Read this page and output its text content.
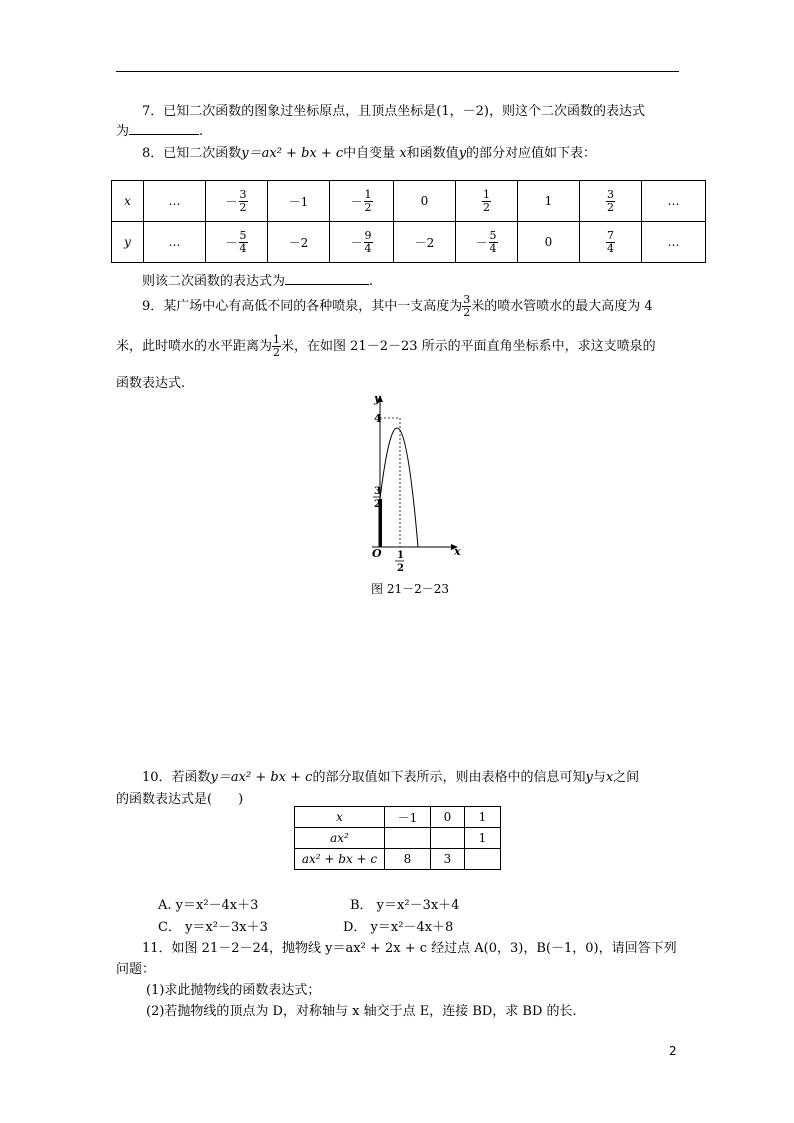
7．已知二次函数的图象过坐标原点，且顶点坐标是(1，－2)，则这个二次函数的表达式
为	.
8．已知二次函数y＝ax² + bx + c中自变量 x和函数值y的部分对应值如下表：
x	…	－ $\frac{3}{2}$	－1	－ $\frac{1}{2}$	0	$\frac{1}{2}$	1	$\frac{3}{2}$	…
y	…	－ $\frac{5}{4}$	－2	－ $\frac{9}{4}$	－2	－ $\frac{5}{4}$	0	$\frac{7}{4}$	…
则该二次函数的表达式为	.
9．某广场中心有高低不同的各种喷泉，其中一支高度为 $\frac{3}{2}$ 米的喷水管喷水的最大高度为 4
米，此时喷水的水平距离为 $\frac{1}{2}$ 米，在如图 21－2－23 所示的平面直角坐标系中，求这支喷泉的
函数表达式.
y
x
O
4
3
2
1
2
图 21－2－23
10．若函数y＝ax² + bx + c的部分取值如下表所示，则由表格中的信息可知y与x之间
的函数表达式是(　　)
x	－1	0	1
ax²			1
ax² + bx + c	8	3	
A. y＝x²－4x＋3	B． y＝x²－3x＋4
C． y＝x²－3x＋3	D． y＝x²－4x＋8
11．如图 21－2－24，抛物线 y＝ax² + 2x + c 经过点 A(0，3)，B(－1，0)，请回答下列
问题：
(1)求此抛物线的函数表达式；
(2)若抛物线的顶点为 D，对称轴与 x 轴交于点 E，连接 BD，求 BD 的长.
2
